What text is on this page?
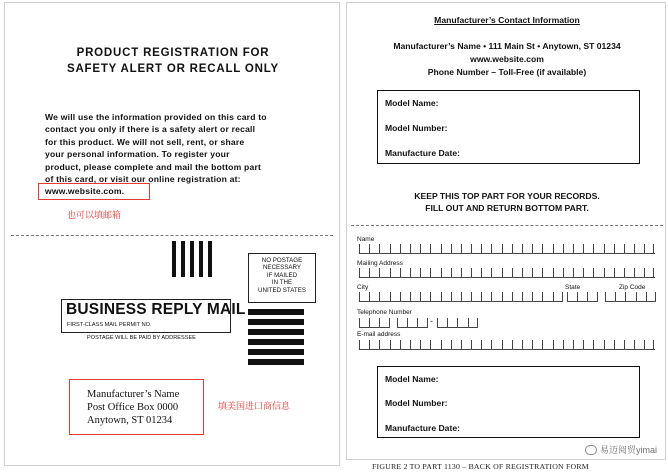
PRODUCT REGISTRATION FOR
SAFETY ALERT OR RECALL ONLY
We will use the information provided on this card to
contact you only if there is a safety alert or recall
for this product. We will not sell, rent, or share
your personal information. To register your
product, please complete and mail the bottom part
of this card, or visit our online registration at:
www.website.com.
也可以填邮箱
NO POSTAGE
NECESSARY
IF MAILED
IN THE
UNITED STATES
BUSINESS REPLY MAIL
FIRST-CLASS MAIL PERMIT NO.
POSTAGE WILL BE PAID BY ADDRESSEE
Manufacturer’s Name
Post Office Box 0000
Anytown, ST 01234
填美国进口商信息
Manufacturer’s Contact Information
Manufacturer’s Name • 111 Main St • Anytown, ST 01234
www.website.com
Phone Number – Toll-Free (if available)
Model Name:
Model Number:
Manufacture Date:
KEEP THIS TOP PART FOR YOUR RECORDS.
FILL OUT AND RETURN BOTTOM PART.
Name
Mailing Address
City	State	Zip Code
Telephone Number
-
E-mail address
Model Name:
Model Number:
Manufacture Date:
易迈阅贸yimai
FIGURE 2 TO PART 1130 – BACK OF REGISTRATION FORM
